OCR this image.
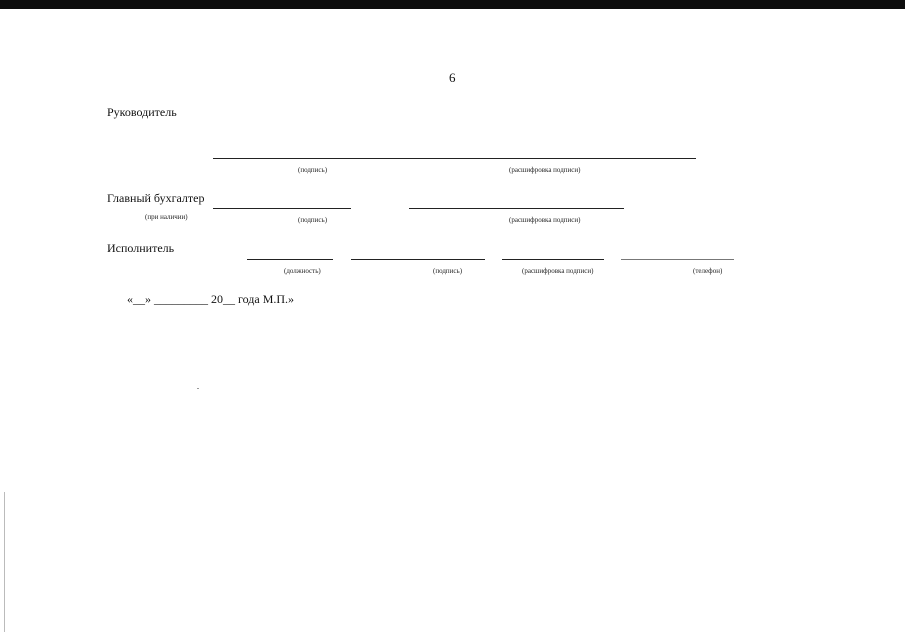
6
Руководитель
(подпись)	(расшифровка подписи)
Главный бухгалтер
(при наличии)	(подпись)	(расшифровка подписи)
Исполнитель
(должность)	(подпись)	(расшифровка подписи)	(телефон)
«__» _________ 20__ года М.П.»
